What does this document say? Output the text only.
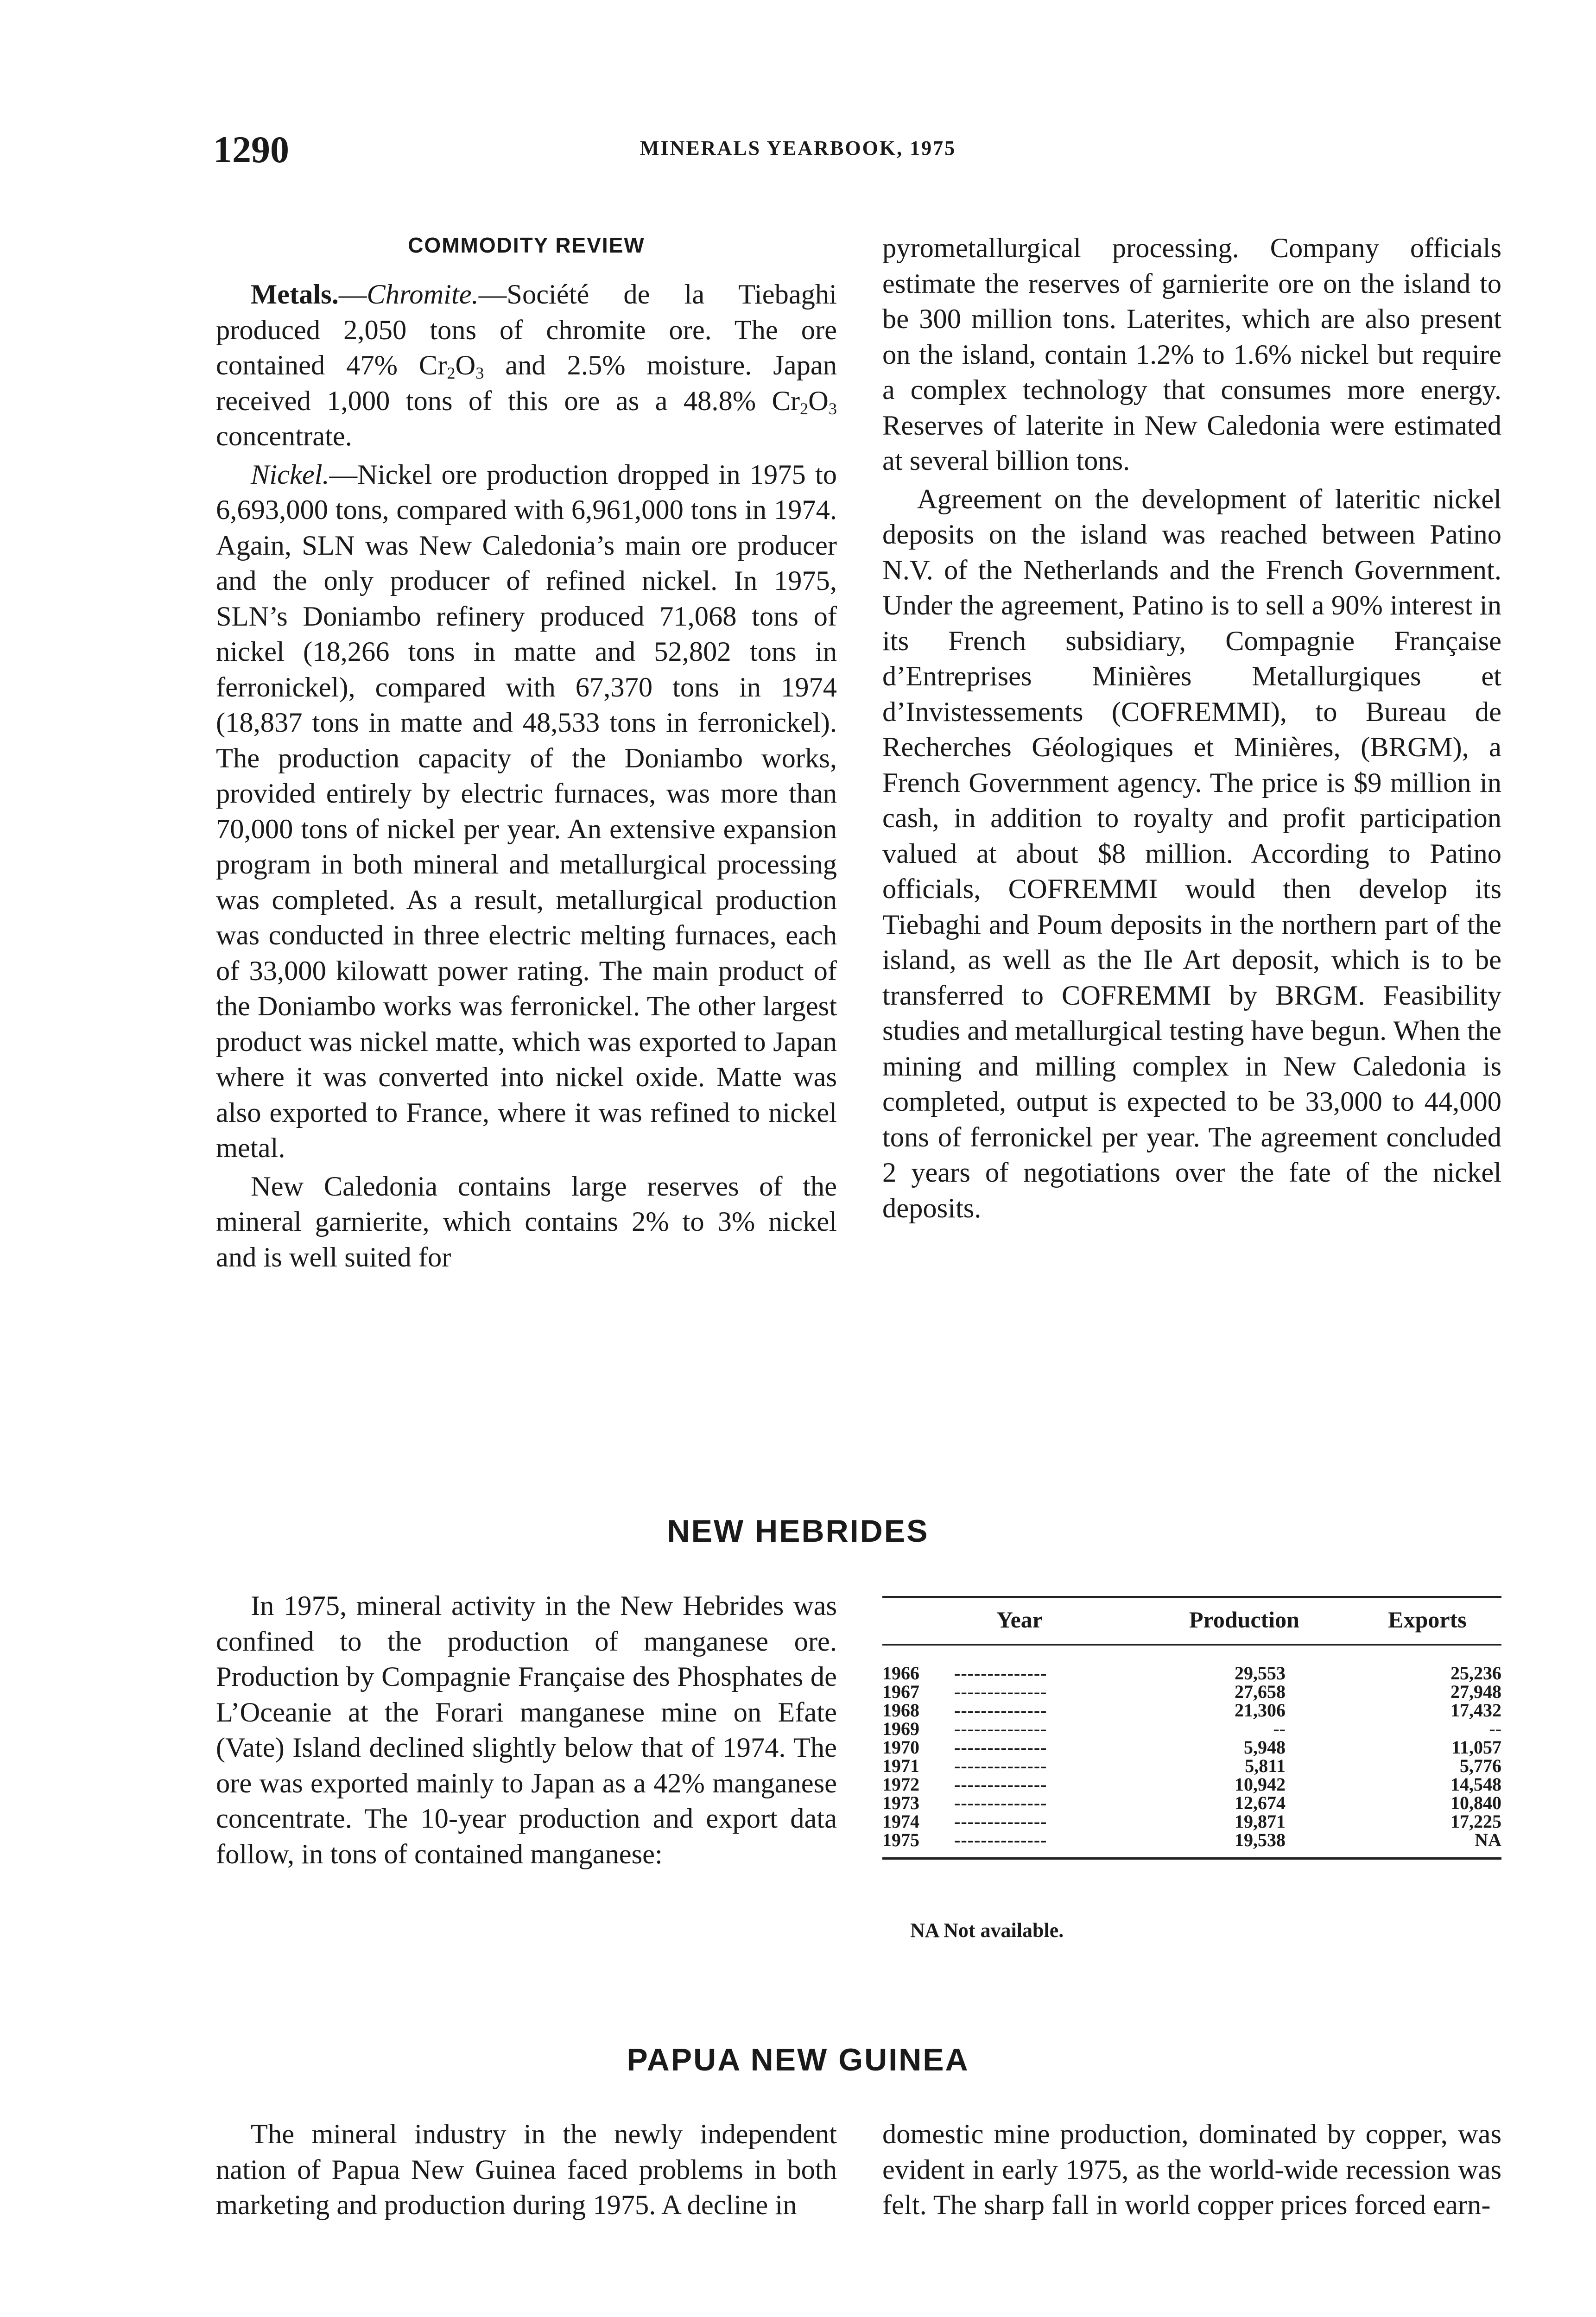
1290	MINERALS YEARBOOK, 1975
COMMODITY REVIEW

Metals.—Chromite.—Société de la Tiebaghi produced 2,050 tons of chromite ore. The ore contained 47% $Cr_2O_3$ and 2.5% moisture. Japan received 1,000 tons of this ore as a 48.8% $Cr_2O_3$ concentrate.

Nickel.—Nickel ore production dropped in 1975 to 6,693,000 tons, compared with 6,961,000 tons in 1974. Again, SLN was New Caledonia’s main ore producer and the only producer of refined nickel. In 1975, SLN’s Doniambo refinery produced 71,068 tons of nickel (18,266 tons in matte and 52,802 tons in ferronickel), compared with 67,370 tons in 1974 (18,837 tons in matte and 48,533 tons in ferronickel). The production capacity of the Doniambo works, provided entirely by electric furnaces, was more than 70,000 tons of nickel per year. An extensive expansion program in both mineral and metallurgical processing was completed. As a result, metallurgical production was conducted in three electric melting furnaces, each of 33,000 kilowatt power rating. The main product of the Doniambo works was ferronickel. The other largest product was nickel matte, which was exported to Japan where it was converted into nickel oxide. Matte was also exported to France, where it was refined to nickel metal.

New Caledonia contains large reserves of the mineral garnierite, which contains 2% to 3% nickel and is well suited for

pyrometallurgical processing. Company officials estimate the reserves of garnierite ore on the island to be 300 million tons. Laterites, which are also present on the island, contain 1.2% to 1.6% nickel but require a complex technology that consumes more energy. Reserves of laterite in New Caledonia were estimated at several billion tons.

Agreement on the development of lateritic nickel deposits on the island was reached between Patino N.V. of the Netherlands and the French Government. Under the agreement, Patino is to sell a 90% interest in its French subsidiary, Compagnie Française d’Entreprises Minières Metallurgiques et d’Invistessements (COFREMMI), to Bureau de Recherches Géologiques et Minières, (BRGM), a French Government agency. The price is $9 million in cash, in addition to royalty and profit participation valued at about $8 million. According to Patino officials, COFREMMI would then develop its Tiebaghi and Poum deposits in the northern part of the island, as well as the Ile Art deposit, which is to be transferred to COFREMMI by BRGM. Feasibility studies and metallurgical testing have begun. When the mining and milling complex in New Caledonia is completed, output is expected to be 33,000 to 44,000 tons of ferronickel per year. The agreement concluded 2 years of negotiations over the fate of the nickel deposits.

NEW HEBRIDES

In 1975, mineral activity in the New Hebrides was confined to the production of manganese ore. Production by Compagnie Française des Phosphates de L’Oceanie at the Forari manganese mine on Efate (Vate) Island declined slightly below that of 1974. The ore was exported mainly to Japan as a 42% manganese concentrate. The 10-year production and export data follow, in tons of contained manganese:

Year	Production	Exports
1966 --------------	29,553	25,236
1967 --------------	27,658	27,948
1968 --------------	21,306	17,432
1969 --------------	--	--
1970 --------------	5,948	11,057
1971 --------------	5,811	5,776
1972 --------------	10,942	14,548
1973 --------------	12,674	10,840
1974 --------------	19,871	17,225
1975 --------------	19,538	NA
NA Not available.
PAPUA NEW GUINEA

The mineral industry in the newly independent nation of Papua New Guinea faced problems in both marketing and production during 1975. A decline in

domestic mine production, dominated by copper, was evident in early 1975, as the world-wide recession was felt. The sharp fall in world copper prices forced earn-
